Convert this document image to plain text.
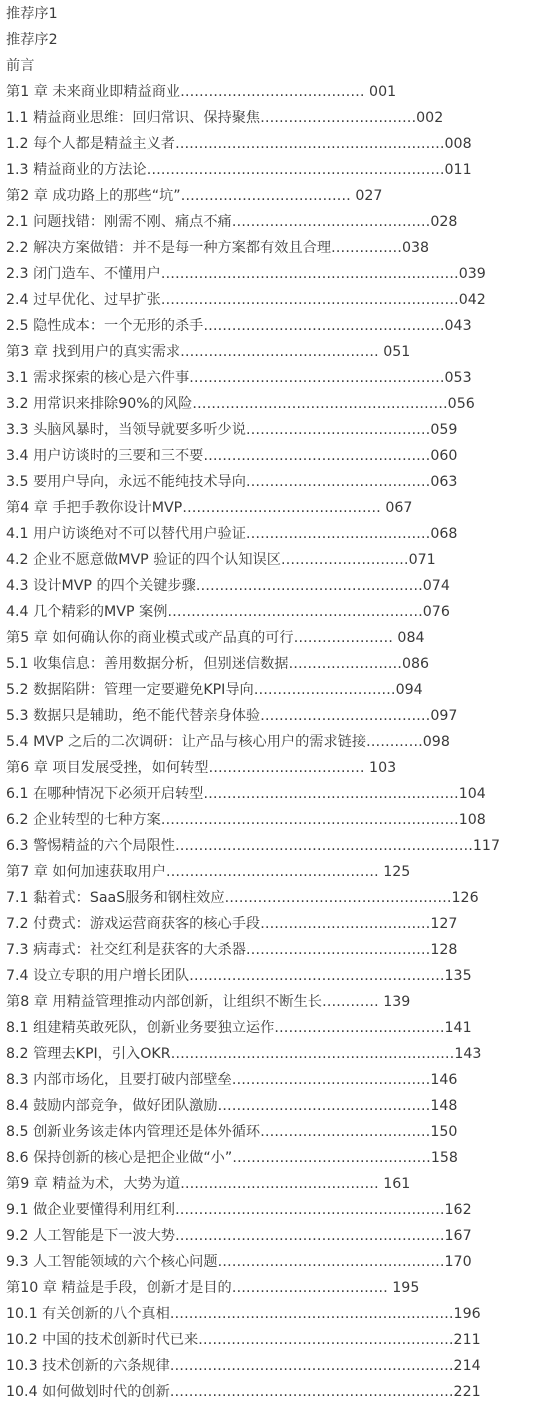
推荐序1
推荐序2
前言
第1 章 未来商业即精益商业………………………………… 001
1.1 精益商业思维：回归常识、保持聚焦……………………………002
1.2 每个人都是精益主义者…………………………………………………008
1.3 精益商业的方法论………………………………………………………011
第2 章 成功路上的那些“坑”……………………………… 027
2.1 问题找错：刚需不刚、痛点不痛……………………………………028
2.2 解决方案做错：并不是每一种方案都有效且合理……………038
2.3 闭门造车、不懂用户………………………………………………………039
2.4 过早优化、过早扩张………………………………………………………042
2.5 隐性成本：一个无形的杀手……………………………………………043
第3 章 找到用户的真实需求…………………………………… 051
3.1 需求探索的核心是六件事………………………………………………053
3.2 用常识来排除90%的风险………………………………………………056
3.3 头脑风暴时，当领导就要多听少说…………………………………059
3.4 用户访谈时的三要和三不要…………………………………………060
3.5 要用户导向，永远不能纯技术导向…………………………………063
第4 章 手把手教你设计MVP…………………………………… 067
4.1 用户访谈绝对不可以替代用户验证…………………………………068
4.2 企业不愿意做MVP 验证的四个认知误区………………………071
4.3 设计MVP 的四个关键步骤…………………………………………074
4.4 几个精彩的MVP 案例………………………………………………076
第5 章 如何确认你的商业模式或产品真的可行………………… 084
5.1 收集信息：善用数据分析，但别迷信数据……………………086
5.2 数据陷阱：管理一定要避免KPI导向…………………………094
5.3 数据只是辅助，绝不能代替亲身体验………………………………097
5.4 MVP 之后的二次调研：让产品与核心用户的需求链接…………098
第6 章 项目发展受挫，如何转型…………………………… 103
6.1 在哪种情况下必须开启转型………………………………………………104
6.2 企业转型的七种方案………………………………………………………108
6.3 警惕精益的六个局限性………………………………………………………117
第7 章 如何加速获取用户……………………………………… 125
7.1 黏着式：SaaS服务和钢柱效应…………………………………………126
7.2 付费式：游戏运营商获客的核心手段………………………………127
7.3 病毒式：社交红利是获客的大杀器…………………………………128
7.4 设立专职的用户增长团队………………………………………………135
第8 章 用精益管理推动内部创新，让组织不断生长………… 139
8.1 组建精英敢死队，创新业务要独立运作………………………………141
8.2 管理去KPI，引入OKR……………………………………………………143
8.3 内部市场化，且要打破内部壁垒……………………………………146
8.4 鼓励内部竞争，做好团队激励………………………………………148
8.5 创新业务该走体内管理还是体外循环………………………………150
8.6 保持创新的核心是把企业做“小”……………………………………158
第9 章 精益为术，大势为道…………………………………… 161
9.1 做企业要懂得利用红利…………………………………………………162
9.2 人工智能是下一波大势…………………………………………………167
9.3 人工智能领域的六个核心问题…………………………………………170
第10 章 精益是手段，创新才是目的…………………………… 195
10.1 有关创新的八个真相……………………………………………………196
10.2 中国的技术创新时代已来………………………………………………211
10.3 技术创新的六条规律……………………………………………………214
10.4 如何做划时代的创新……………………………………………………221
